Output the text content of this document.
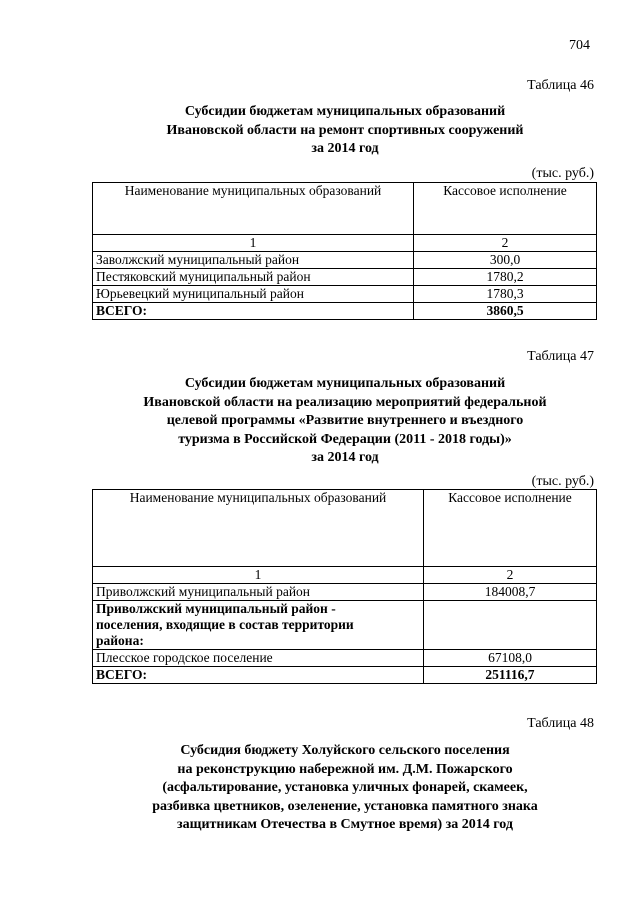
704
Таблица 46
Субсидии бюджетам муниципальных образований
Ивановской области на ремонт спортивных сооружений
за 2014 год
(тыс. руб.)
Наименование муниципальных образований	Кассовое исполнение
1	2
Заволжский муниципальный район	300,0
Пестяковский муниципальный район	1780,2
Юрьевецкий муниципальный район	1780,3
ВСЕГО:	3860,5
Таблица 47
Субсидии бюджетам муниципальных образований
Ивановской области на реализацию мероприятий федеральной
целевой программы «Развитие внутреннего и въездного
туризма в Российской Федерации (2011 - 2018 годы)»
за 2014 год
(тыс. руб.)
Наименование муниципальных образований	Кассовое исполнение
1	2
Приволжский муниципальный район	184008,7

Приволжский муниципальный район -
поселения, входящие в состав территории
района:	

Плесское городское поселение	67108,0
ВСЕГО:	251116,7
Таблица 48
Субсидия бюджету Холуйского сельского поселения
на реконструкцию набережной им. Д.М. Пожарского
(асфальтирование, установка уличных фонарей, скамеек,
разбивка цветников, озеленение, установка памятного знака
защитникам Отечества в Смутное время) за 2014 год
